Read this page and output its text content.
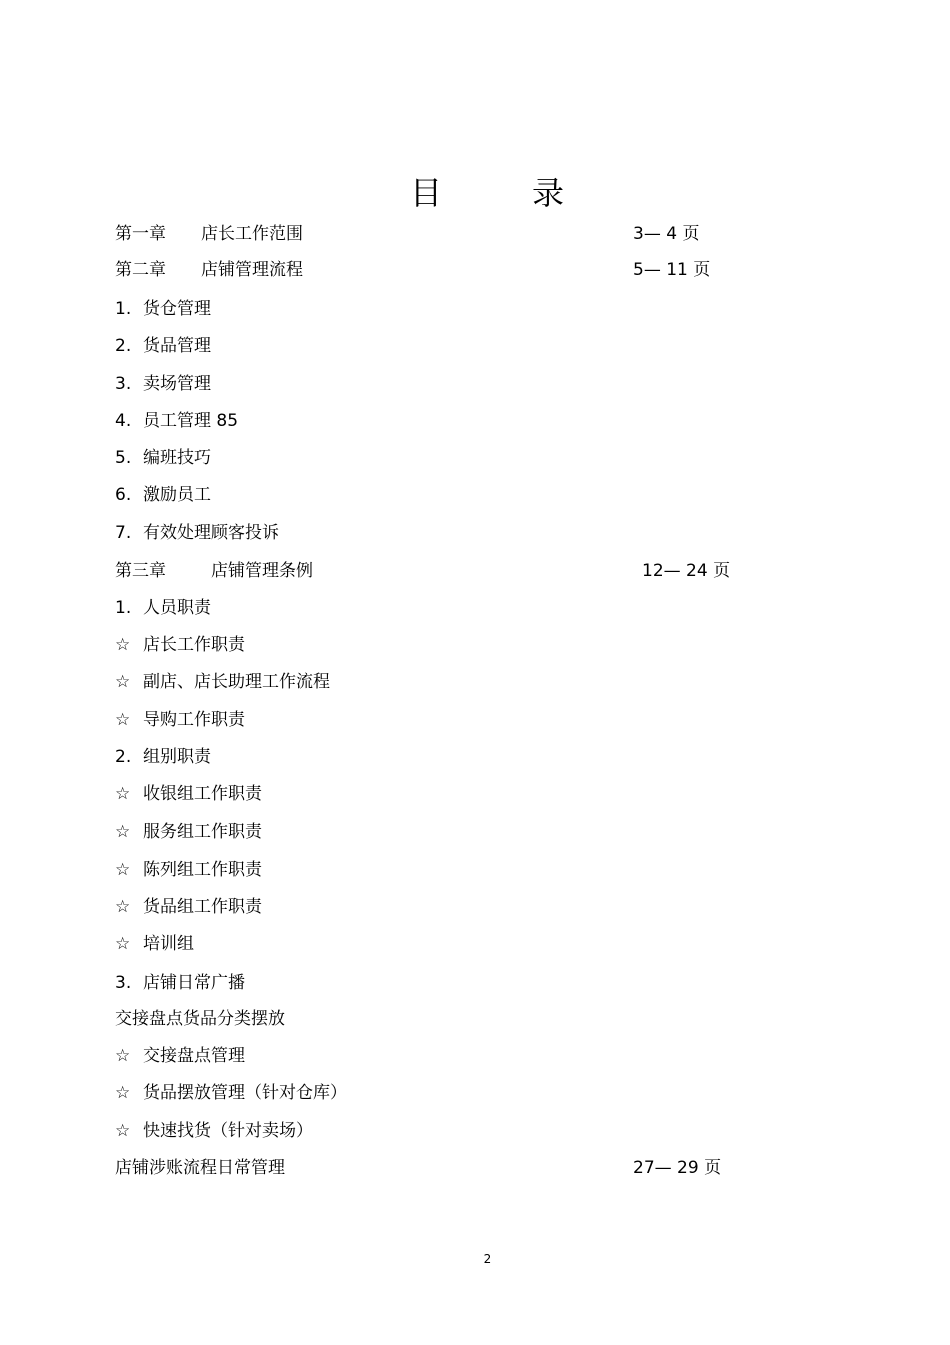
目	录
第一章 店长工作范围	3— 4 页
第二章 店铺管理流程	5— 11 页
1. 货仓管理
2. 货品管理
3. 卖场管理
4. 员工管理 85
5. 编班技巧
6. 激励员工
7. 有效处理顾客投诉
第三章	店铺管理条例	12— 24 页
1. 人员职责
☆ 店长工作职责
☆ 副店、店长助理工作流程
☆ 导购工作职责
2. 组别职责
☆ 收银组工作职责
☆ 服务组工作职责
☆ 陈列组工作职责
☆ 货品组工作职责
☆ 培训组
3. 店铺日常广播
交接盘点货品分类摆放
☆ 交接盘点管理
☆ 货品摆放管理（针对仓库）
☆ 快速找货（针对卖场）
店铺涉账流程日常管理	27— 29 页
2
